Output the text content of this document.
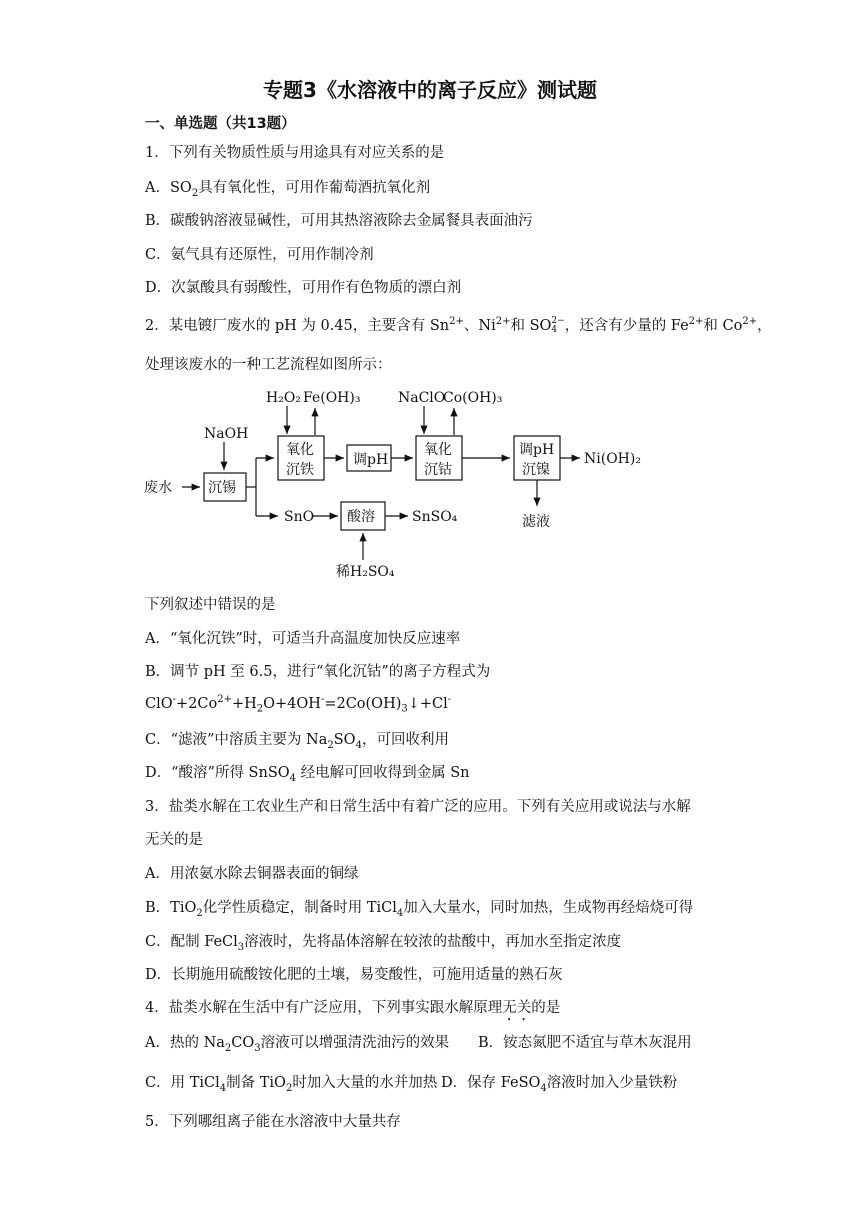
专题3《水溶液中的离子反应》测试题
一、单选题（共13题）
1．下列有关物质性质与用途具有对应关系的是
A．$SO_2$具有氧化性，可用作葡萄酒抗氧化剂
B．碳酸钠溶液显碱性，可用其热溶液除去金属餐具表面油污
C．氨气具有还原性，可用作制冷剂
D．次氯酸具有弱酸性，可用作有色物质的漂白剂
2．某电镀厂废水的 pH 为 0.45，主要含有 $Sn^{2+}$、$Ni^{2+}$和 SO 2−
4 ，还含有少量的 $Fe^{2+}$和 $Co^{2+}$，
处理该废水的一种工艺流程如图所示：
废水
NaOH
沉锡
H₂O₂ Fe(OH)₃
氧化
沉铁
调pH
NaClO
Co(OH)₃
氧化
沉钴
调pH
沉镍
Ni(OH)₂
滤液
SnO 酸溶	SnSO₄
稀H₂SO₄
下列叙述中错误的是
A．“氧化沉铁”时，可适当升高温度加快反应速率
B．调节 pH 至 6.5，进行“氧化沉钴”的离子方程式为
$ClO^-+2Co^{2+}+H_2O+4OH^-=2Co(OH)_3↓+Cl^-$
C．“滤液”中溶质主要为 $Na_2SO_4$，可回收利用
D．“酸溶”所得 SnSO$_4$ 经电解可回收得到金属 Sn
3．盐类水解在工农业生产和日常生活中有着广泛的应用。下列有关应用或说法与水解
无关的是
A．用浓氨水除去铜器表面的铜绿
B．TiO$_2$化学性质稳定，制备时用 TiCl$_4$加入大量水，同时加热，生成物再经焙烧可得
C．配制 FeCl$_3$溶液时，先将晶体溶解在较浓的盐酸中，再加水至指定浓度
D．长期施用硫酸铵化肥的土壤，易变酸性，可施用适量的熟石灰
4．盐类水解在生活中有广泛应用，下列事实跟水解原理无关的是
A．热的 $Na_2CO_3$溶液可以增强清洗油污的效果 B．铵态氮肥不适宜与草木灰混用
C．用 TiCl$_4$制备 TiO$_2$时加入大量的水并加热 D．保存 FeSO$_4$溶液时加入少量铁粉
5．下列哪组离子能在水溶液中大量共存
